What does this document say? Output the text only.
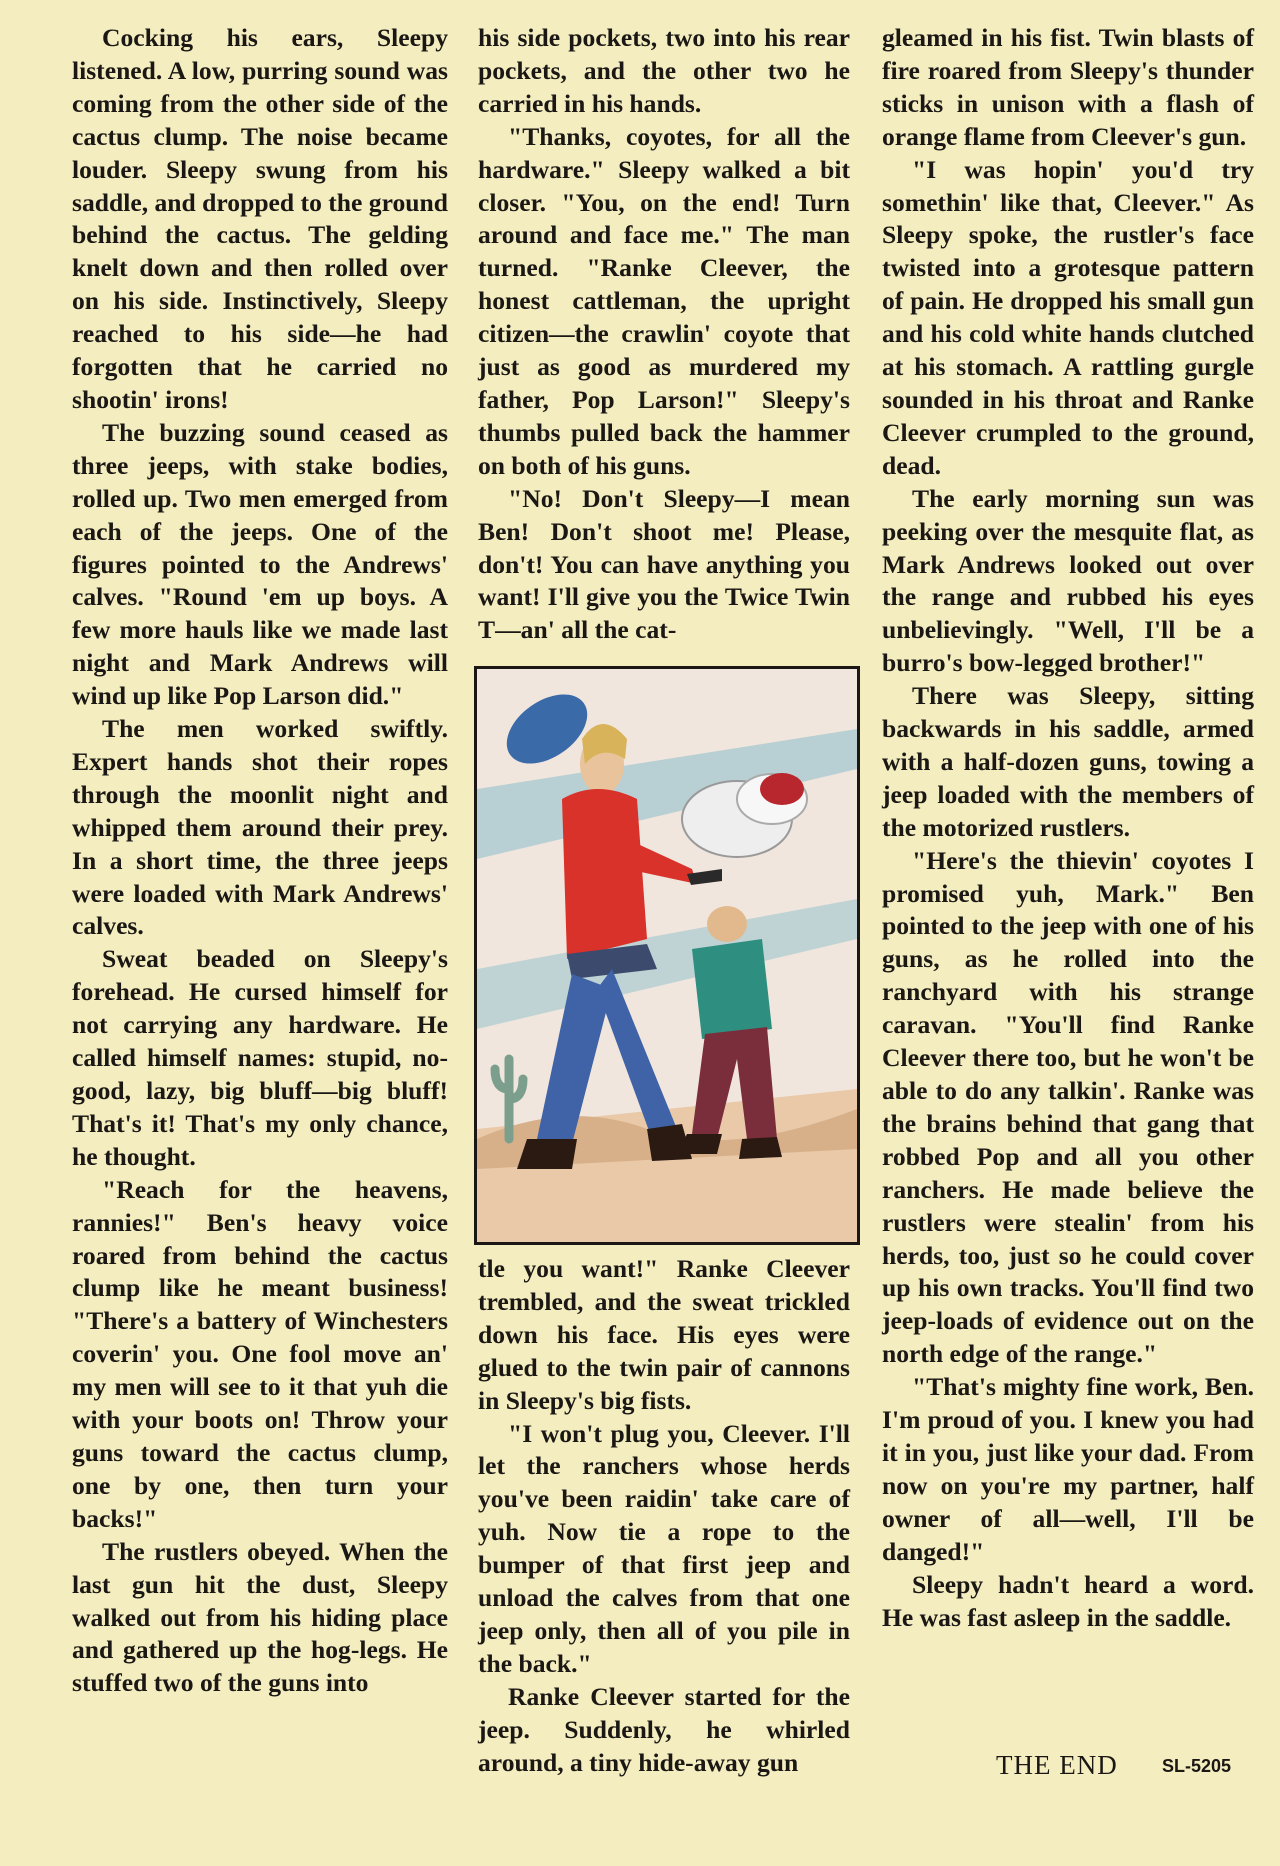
Cocking his ears, Sleepy listened. A low, purring sound was coming from the other side of the cactus clump. The noise became louder. Sleepy swung from his saddle, and dropped to the ground behind the cactus. The gelding knelt down and then rolled over on his side. Instinctively, Sleepy reached to his side—he had forgotten that he carried no shootin' irons!

The buzzing sound ceased as three jeeps, with stake bodies, rolled up. Two men emerged from each of the jeeps. One of the figures pointed to the Andrews' calves. "Round 'em up boys. A few more hauls like we made last night and Mark Andrews will wind up like Pop Larson did."

The men worked swiftly. Expert hands shot their ropes through the moonlit night and whipped them around their prey. In a short time, the three jeeps were loaded with Mark Andrews' calves.

Sweat beaded on Sleepy's forehead. He cursed himself for not carrying any hardware. He called himself names: stupid, no-good, lazy, big bluff—big bluff! That's it! That's my only chance, he thought.

"Reach for the heavens, rannies!" Ben's heavy voice roared from behind the cactus clump like he meant business! "There's a battery of Winchesters coverin' you. One fool move an' my men will see to it that yuh die with your boots on! Throw your guns toward the cactus clump, one by one, then turn your backs!"

The rustlers obeyed. When the last gun hit the dust, Sleepy walked out from his hiding place and gathered up the hog-legs. He stuffed two of the guns into

his side pockets, two into his rear pockets, and the other two he carried in his hands.

"Thanks, coyotes, for all the hardware." Sleepy walked a bit closer. "You, on the end! Turn around and face me." The man turned. "Ranke Cleever, the honest cattleman, the upright citizen—the crawlin' coyote that just as good as murdered my father, Pop Larson!" Sleepy's thumbs pulled back the hammer on both of his guns.

"No! Don't Sleepy—I mean Ben! Don't shoot me! Please, don't! You can have anything you want! I'll give you the Twice Twin T—an' all the cat-

tle you want!" Ranke Cleever trembled, and the sweat trickled down his face. His eyes were glued to the twin pair of cannons in Sleepy's big fists.

"I won't plug you, Cleever. I'll let the ranchers whose herds you've been raidin' take care of yuh. Now tie a rope to the bumper of that first jeep and unload the calves from that one jeep only, then all of you pile in the back."

Ranke Cleever started for the jeep. Suddenly, he whirled around, a tiny hide-away gun

gleamed in his fist. Twin blasts of fire roared from Sleepy's thunder sticks in unison with a flash of orange flame from Cleever's gun.

"I was hopin' you'd try somethin' like that, Cleever." As Sleepy spoke, the rustler's face twisted into a grotesque pattern of pain. He dropped his small gun and his cold white hands clutched at his stomach. A rattling gurgle sounded in his throat and Ranke Cleever crumpled to the ground, dead.

The early morning sun was peeking over the mesquite flat, as Mark Andrews looked out over the range and rubbed his eyes unbelievingly. "Well, I'll be a burro's bow-legged brother!"

There was Sleepy, sitting backwards in his saddle, armed with a half-dozen guns, towing a jeep loaded with the members of the motorized rustlers.

"Here's the thievin' coyotes I promised yuh, Mark." Ben pointed to the jeep with one of his guns, as he rolled into the ranchyard with his strange caravan. "You'll find Ranke Cleever there too, but he won't be able to do any talkin'. Ranke was the brains behind that gang that robbed Pop and all you other ranchers. He made believe the rustlers were stealin' from his herds, too, just so he could cover up his own tracks. You'll find two jeep-loads of evidence out on the north edge of the range."

"That's mighty fine work, Ben. I'm proud of you. I knew you had it in you, just like your dad. From now on you're my partner, half owner of all—well, I'll be danged!"

Sleepy hadn't heard a word. He was fast asleep in the saddle.

THE END SL-5205
